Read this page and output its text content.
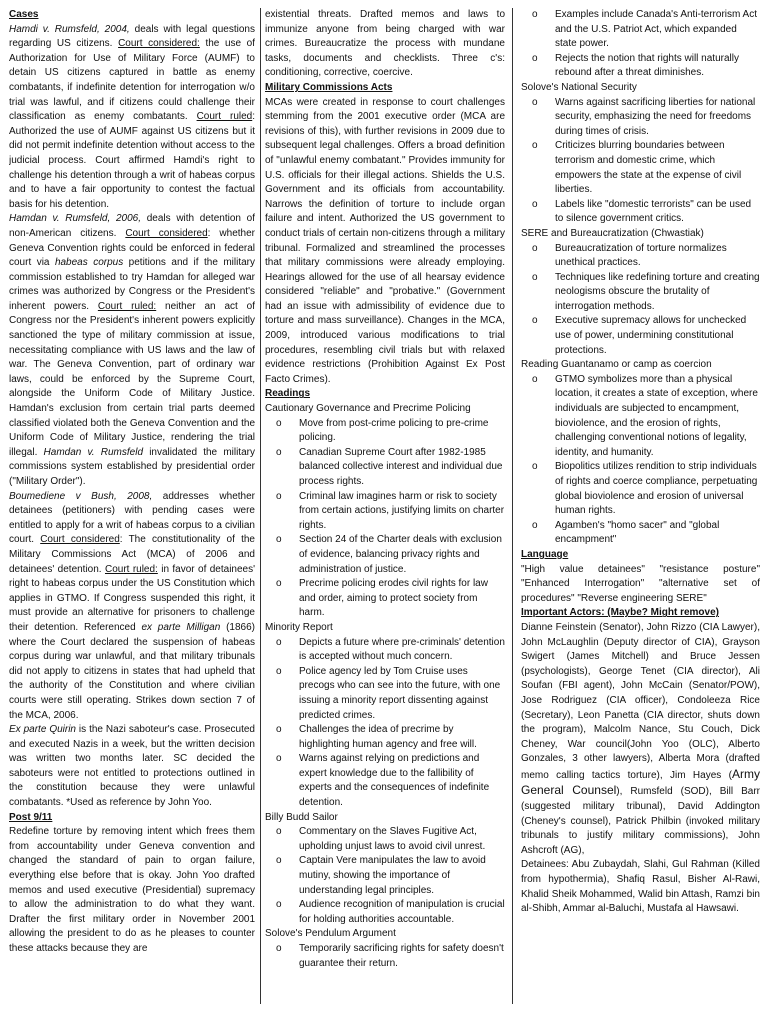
Cases

Hamdi v. Rumsfeld, 2004, deals with legal questions regarding US citizens. Court considered: the use of Authorization for Use of Military Force (AUMF) to detain US citizens captured in battle as enemy combatants, if indefinite detention for interrogation w/o trial was lawful, and if citizens could challenge their classification as enemy combatants. Court ruled: Authorized the use of AUMF against US citizens but it did not permit indefinite detention without access to the judicial process. Court affirmed Hamdi's right to challenge his detention through a writ of habeas corpus and to have a fair opportunity to contest the factual basis for his detention.

Hamdan v. Rumsfeld, 2006, deals with detention of non-American citizens. Court considered: whether Geneva Convention rights could be enforced in federal court via habeas corpus petitions and if the military commission established to try Hamdan for alleged war crimes was authorized by Congress or the President's inherent powers. Court ruled: neither an act of Congress nor the President's inherent powers explicitly sanctioned the type of military commission at issue, necessitating compliance with US laws and the law of war. The Geneva Convention, part of ordinary war laws, could be enforced by the Supreme Court, alongside the Uniform Code of Military Justice. Hamdan's exclusion from certain trial parts deemed classified violated both the Geneva Convention and the Uniform Code of Military Justice, rendering the trial illegal. Hamdan v. Rumsfeld invalidated the military commissions system established by presidential order ("Military Order").

Boumediene v Bush, 2008, addresses whether detainees (petitioners) with pending cases were entitled to apply for a writ of habeas corpus to a civilian court. Court considered: The constitutionality of the Military Commissions Act (MCA) of 2006 and detainees' detention. Court ruled: in favor of detainees' right to habeas corpus under the US Constitution which applies in GTMO. If Congress suspended this right, it must provide an alternative for prisoners to challenge their detention. Referenced ex parte Milligan (1866) where the Court declared the suspension of habeas corpus during war unlawful, and that military tribunals did not apply to citizens in states that had upheld that the authority of the Constitution and where civilian courts were still operating. Strikes down section 7 of the MCA, 2006.

Ex parte Quirin is the Nazi saboteur's case. Prosecuted and executed Nazis in a week, but the written decision was written two months later. SC decided the saboteurs were not entitled to protections outlined in the constitution because they were unlawful combatants. *Used as reference by John Yoo.

Post 9/11

Redefine torture by removing intent which frees them from accountability under Geneva convention and changed the standard of pain to organ failure, everything else before that is okay. John Yoo drafted memos and used executive (Presidential) supremacy to allow the administration to do what they want. Drafter the first military order in November 2001 allowing the president to do as he pleases to counter these attacks because they are

existential threats. Drafted memos and laws to immunize anyone from being charged with war crimes. Bureaucratize the process with mundane tasks, documents and checklists. Three c's: conditioning, corrective, coercive.

Military Commissions Acts

MCAs were created in response to court challenges stemming from the 2001 executive order (MCA are revisions of this), with further revisions in 2009 due to subsequent legal challenges. Offers a broad definition of "unlawful enemy combatant." Provides immunity for U.S. officials for their illegal actions. Shields the U.S. Government and its officials from accountability. Narrows the definition of torture to include organ failure and intent. Authorized the US government to conduct trials of certain non-citizens through a military tribunal. Formalized and streamlined the processes that military commissions were already employing. Hearings allowed for the use of all hearsay evidence considered "reliable" and "probative." (Government had an issue with admissibility of evidence due to torture and mass surveillance). Changes in the MCA, 2009, introduced various modifications to trial procedures, resembling civil trials but with relaxed evidence restrictions (Prohibition Against Ex Post Facto Crimes).

Readings
Cautionary Governance and Precrime Policing
o Move from post-crime policing to pre-crime policing.
o Canadian Supreme Court after 1982-1985 balanced collective interest and individual due process rights.
o Criminal law imagines harm or risk to society from certain actions, justifying limits on charter rights.
o Section 24 of the Charter deals with exclusion of evidence, balancing privacy rights and administration of justice.
o Precrime policing erodes civil rights for law and order, aiming to protect society from harm.
Minority Report
o Depicts a future where pre-criminals' detention is accepted without much concern.
o Police agency led by Tom Cruise uses precogs who can see into the future, with one issuing a minority report dissenting against predicted crimes.
o Challenges the idea of precrime by highlighting human agency and free will.
o Warns against relying on predictions and expert knowledge due to the fallibility of experts and the consequences of indefinite detention.
Billy Budd Sailor
o Commentary on the Slaves Fugitive Act, upholding unjust laws to avoid civil unrest.
o Captain Vere manipulates the law to avoid mutiny, showing the importance of understanding legal principles.
o Audience recognition of manipulation is crucial for holding authorities accountable.
Solove's Pendulum Argument
o Temporarily sacrificing rights for safety doesn't guarantee their return.
o Examples include Canada's Anti-terrorism Act and the U.S. Patriot Act, which expanded state power.
o Rejects the notion that rights will naturally rebound after a threat diminishes.
Solove's National Security
o Warns against sacrificing liberties for national security, emphasizing the need for freedoms during times of crisis.
o Criticizes blurring boundaries between terrorism and domestic crime, which empowers the state at the expense of civil liberties.
o Labels like "domestic terrorists" can be used to silence government critics.
SERE and Bureaucratization (Chwastiak)
o Bureaucratization of torture normalizes unethical practices.
o Techniques like redefining torture and creating neologisms obscure the brutality of interrogation methods.
o Executive supremacy allows for unchecked use of power, undermining constitutional protections.
Reading Guantanamo or camp as coercion
o GTMO symbolizes more than a physical location, it creates a state of exception, where individuals are subjected to encampment, bioviolence, and the erosion of rights, challenging conventional notions of legality, identity, and humanity.
o Biopolitics utilizes rendition to strip individuals of rights and coerce compliance, perpetuating global bioviolence and erosion of universal human rights.
o Agamben's "homo sacer" and "global encampment"
Language

"High value detainees" "resistance posture" "Enhanced Interrogation" "alternative set of procedures" "Reverse engineering SERE"

Important Actors: (Maybe? Might remove)

Dianne Feinstein (Senator), John Rizzo (CIA Lawyer), John McLaughlin (Deputy director of CIA), Grayson Swigert (James Mitchell) and Bruce Jessen (psychologists), George Tenet (CIA director), Ali Soufan (FBI agent), John McCain (Senator/POW), Jose Rodriguez (CIA officer), Condoleeza Rice (Secretary), Leon Panetta (CIA director, shuts down the program), Malcolm Nance, Stu Couch, Dick Cheney, War council(John Yoo (OLC), Alberto Gonzales, 3 other lawyers), Alberta Mora (drafted memo calling tactics torture), Jim Hayes (Army General Counsel), Rumsfeld (SOD), Bill Barr (suggested military tribunal), David Addington (Cheney's counsel), Patrick Philbin (invoked military tribunals to justify military commissions), John Ashcroft (AG),

Detainees: Abu Zubaydah, Slahi, Gul Rahman (Killed from hypothermia), Shafiq Rasul, Bisher Al-Rawi, Khalid Sheik Mohammed, Walid bin Attash, Ramzi bin al-Shibh, Ammar al-Baluchi, Mustafa al Hawsawi.
